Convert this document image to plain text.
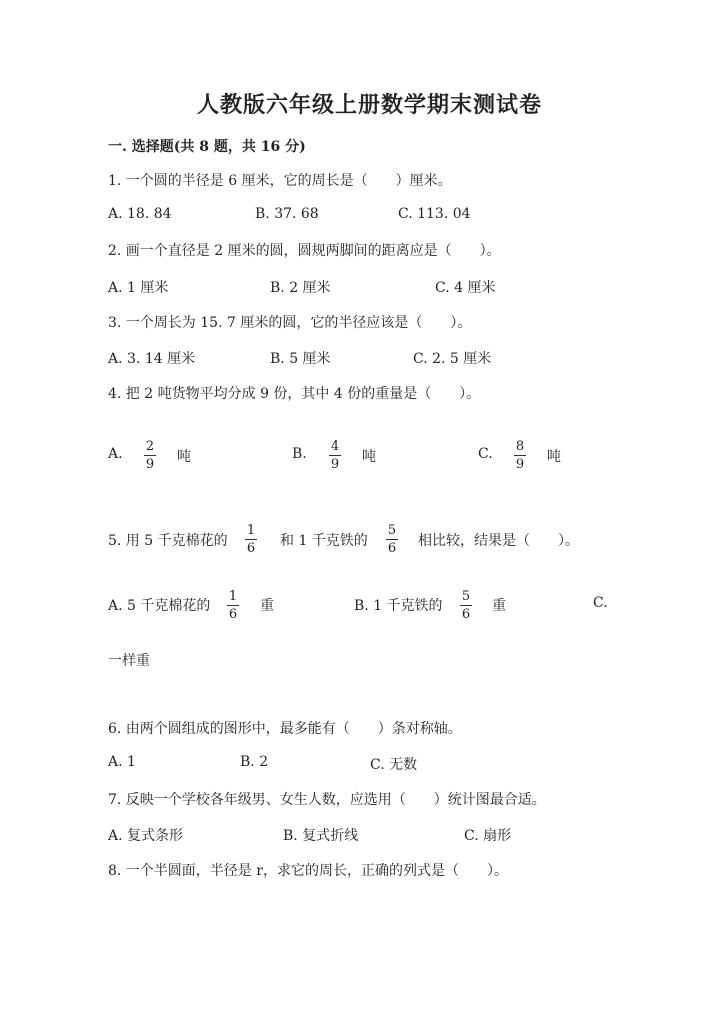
人教版六年级上册数学期末测试卷
一. 选择题(共 8 题，共 16 分)
1. 一个圆的半径是 6 厘米，它的周长是（　　）厘米。
A. 18. 84	B. 37. 68	C. 113. 04
2. 画一个直径是 2 厘米的圆，圆规两脚间的距离应是（　　）。
A. 1 厘米	B. 2 厘米	C. 4 厘米
3. 一个周长为 15. 7 厘米的圆，它的半径应该是（　　）。
A. 3. 14 厘米	B. 5 厘米	C. 2. 5 厘米
4. 把 2 吨货物平均分成 9 份，其中 4 份的重量是（　　）。
A. 2
9 吨	B. 4
9 吨	C. 8
9 吨
5. 用 5 千克棉花的
1
6 和 1 千克铁的
5
6 相比较，结果是（　　）。
A. 5 千克棉花的
1
6
重	B. 1 千克铁的
5
6
重	C.
一样重
6. 由两个圆组成的图形中，最多能有（　　）条对称轴。
A. 1	B. 2	C. 无数
7. 反映一个学校各年级男、女生人数，应选用（　　）统计图最合适。
A. 复式条形	B. 复式折线	C. 扇形
8. 一个半圆面，半径是 r，求它的周长，正确的列式是（　　）。
